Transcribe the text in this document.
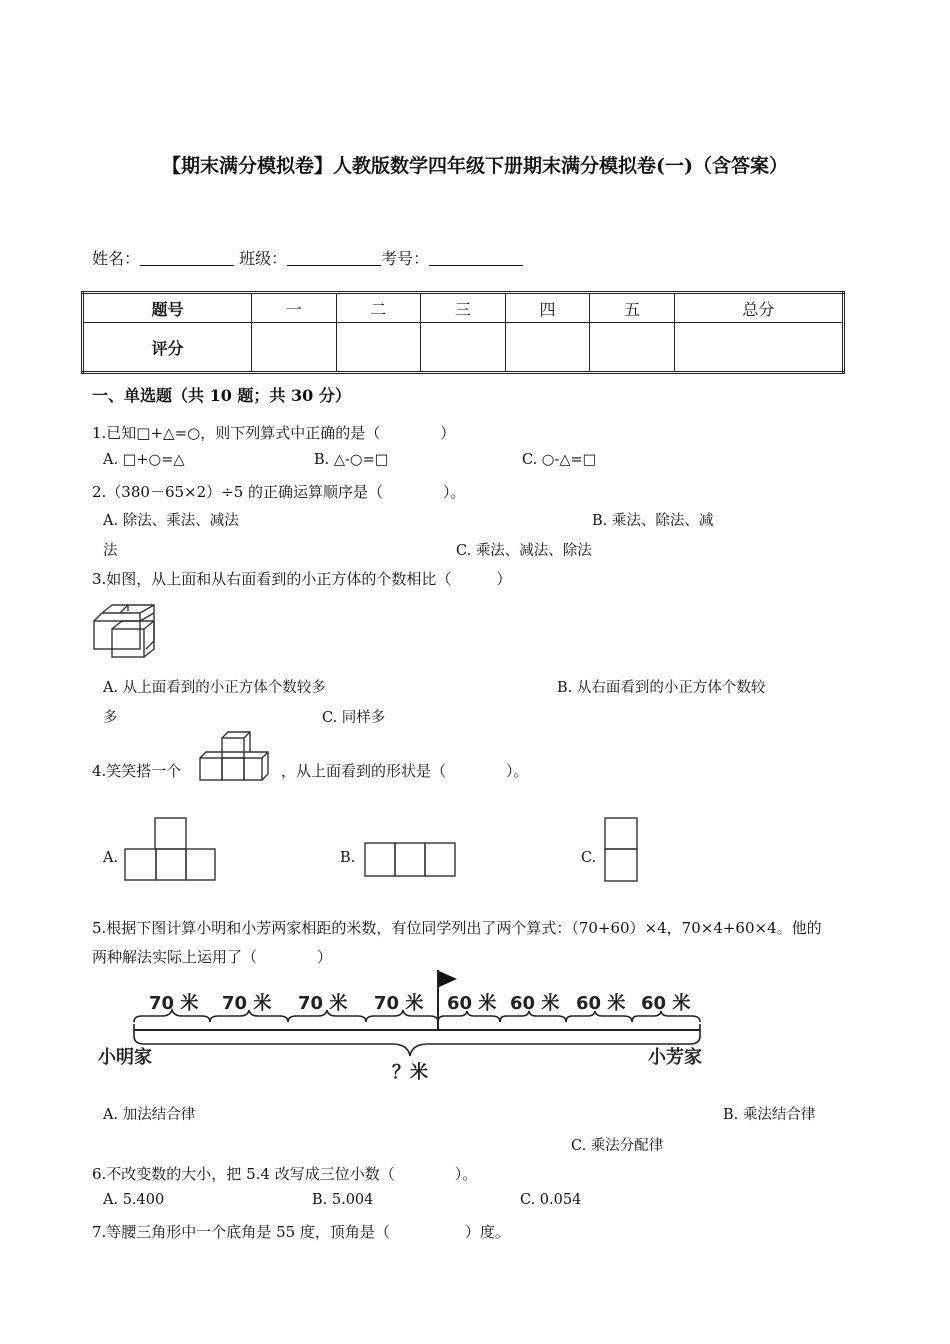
【期末满分模拟卷】人教版数学四年级下册期末满分模拟卷(一)（含答案）
姓名：	班级：	考号：
题号	一	二	三	四	五	总分
评分						
一、单选题（共 10 题；共 30 分）
1.已知□+△=○，则下列算式中正确的是（　　　　）
A. □+○=△	B. △-○=□	C. ○-△=□
2.（380－65×2）÷5 的正确运算顺序是（　　　　）。
A. 除法、乘法、减法	B. 乘法、除法、减
法	C. 乘法、减法、除法
3.如图，从上面和从右面看到的小正方体的个数相比（　　　）
A. 从上面看到的小正方体个数较多	B. 从右面看到的小正方体个数较
多	C. 同样多
4.笑笑搭一个	，从上面看到的形状是（　　　　）。
A.	B.	C.
5.根据下图计算小明和小芳两家相距的米数，有位同学列出了两个算式：（70+60）×4，70×4+60×4。他的
两种解法实际上运用了（　　　　）
70 米 70 米 70 米 70 米 60 米 60 米 60 米 60 米
小明家	小芳家
？米
A. 加法结合律	B. 乘法结合律
C. 乘法分配律
6.不改变数的大小，把 5.4 改写成三位小数（　　　　）。
A. 5.400	B. 5.004	C. 0.054
7.等腰三角形中一个底角是 55 度，顶角是（　　　　　）度。
